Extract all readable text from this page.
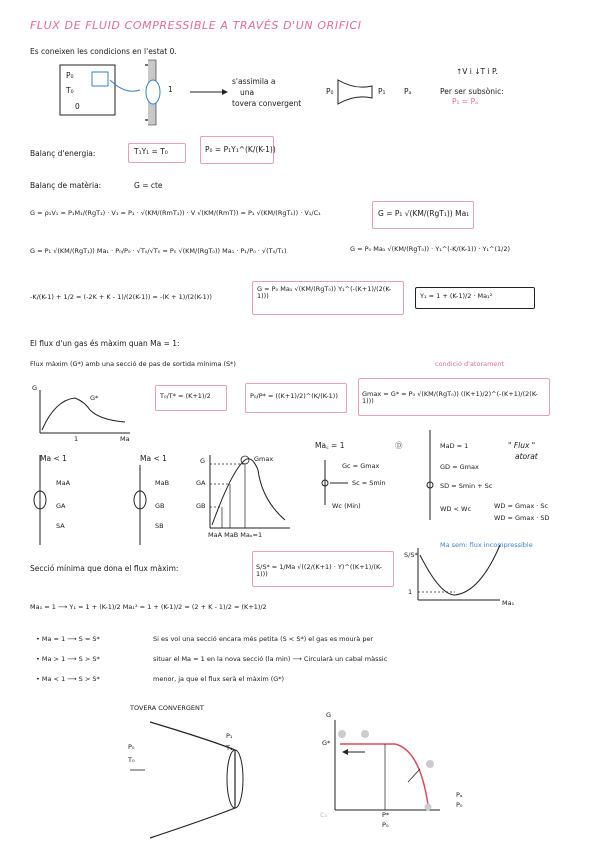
FLUX DE FLUID COMPRESSIBLE A TRAVÉS D'UN ORIFICI
Es coneixen les condicions en l'estat 0.
P₀
T₀
0
1
s'assimila a
una
tovera convergent
P₀	P₁ Pₐ
↑V i ↓T i P.
Per ser subsònic:
P₁ = Pₐ
Balanç d'energia:	T₁Y₁ = T₀	P₀ = P₁Y₁^(K/(K-1))
Balanç de matèria:	G = cte
G = ρ₁V₁ = P₁M₁/(RgT₁) · V₁ = P₁ · √(KM/(RmT₁)) · V √(KM/(RmT)) = P₁ √(KM/(RgT₁)) · V₁/C₁	G = P₁ √(KM/(RgT₁)) Ma₁
G = P₁ √(KM/(RgT₁)) Ma₁ · P₀/P₀ · √T₀/√T₀ = P₀ √(KM/(RgT₀)) Ma₁ · P₁/P₀ · √(T₀/T₁)	G = P₀ Ma₁ √(KM/(RgT₀)) · Y₁^(-K/(K-1)) · Y₁^(1/2)
-K/(K-1) + 1/2 = (-2K + K - 1)/(2(K-1)) = -(K + 1)/(2(K-1))
G = P₀ Ma₁ √(KM/(RgT₀)) Y₁^(-(K+1)/(2(K-1)))	Y₁ = 1 + (K-1)/2 · Ma₁²
El flux d'un gas és màxim quan Ma = 1:
Flux màxim (G*) amb una secció de pas de sortida mínima (S*)	condició d'atorament
T₀/T* = (K+1)/2	P₀/P* = ((K+1)/2)^(K/(K-1))	Gmax = G* = P₀ √(KM/(RgT₀)) ((K+1)/2)^(-(K+1)/(2(K-1)))
G
G*
1	Ma
Ma < 1
MaA
GA
SA
Ma < 1
MaB
GB
SB
G	Gmax
GA
GB
MaA MaB Maₒ=1
Ma꜀ = 1
Gc = Gmax
Sc = Smin
Wc (Min)
Ⓓ	MaD = 1
GD = Gmax
SD = Smin + Sc
WD < Wc	WD = Gmax · Sc
WD = Gmax · SD
" Flux "
atorat
Secció mínima que dona el flux màxim:	S/S* = 1/Ma √((2/(K+1) · Y)^((K+1)/(K-1)))
Ma sem: flux incompressible
S/S*
1
Ma₁
Ma₁ = 1 ⟶ Y₁ = 1 + (K-1)/2 Ma₁² = 1 + (K-1)/2 = (2 + K - 1)/2 = (K+1)/2
• Ma = 1 ⟶ S = S*	Si es vol una secció encara més petita (S < S*) el gas es mourà per
• Ma > 1 ⟶ S > S*	situar el Ma = 1 en la nova secció (la min) ⟶ Circularà un cabal màssic
• Ma < 1 ⟶ S > S*	menor, ja que el flux serà el màxim (G*)
TOVERA CONVERGENT
P₀
T₀
P₁
T₁
G
G*
Pₐ
P₀
P*
P₀
C₃
